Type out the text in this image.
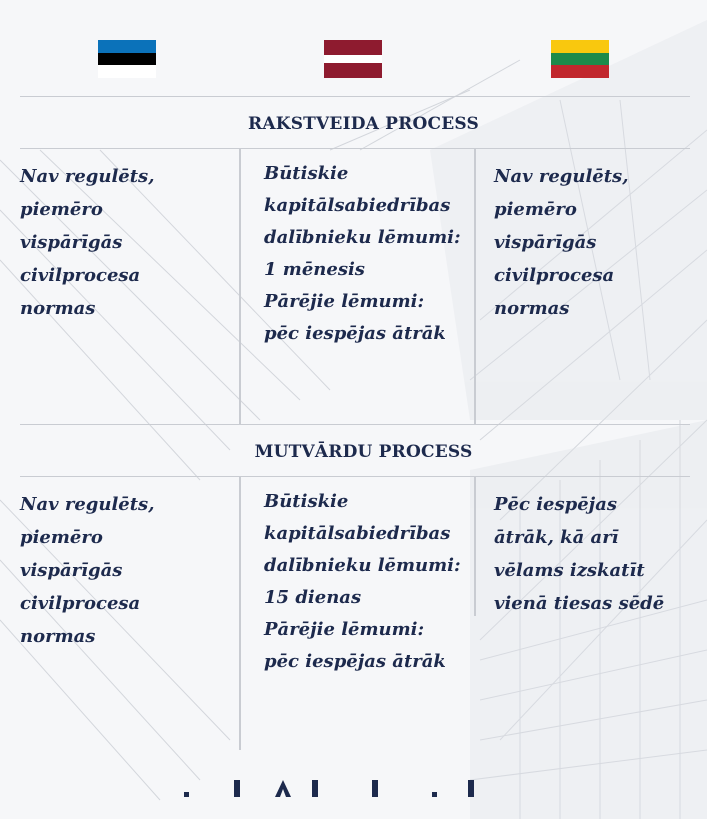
RAKSTVEIDA PROCESS
Nav regulēts,
piemēro
vispārīgās
civilprocesa
normas
Būtiskie
kapitālsabiedrības
dalībnieku lēmumi:
1 mēnesis
Pārējie lēmumi:
pēc iespējas ātrāk
Nav regulēts,
piemēro
vispārīgās
civilprocesa
normas
MUTVĀRDU PROCESS
Nav regulēts,
piemēro
vispārīgās
civilprocesa
normas
Būtiskie
kapitālsabiedrības
dalībnieku lēmumi:
15 dienas
Pārējie lēmumi:
pēc iespējas ātrāk
Pēc iespējas
ātrāk, kā arī
vēlams izskatīt
vienā tiesas sēdē
